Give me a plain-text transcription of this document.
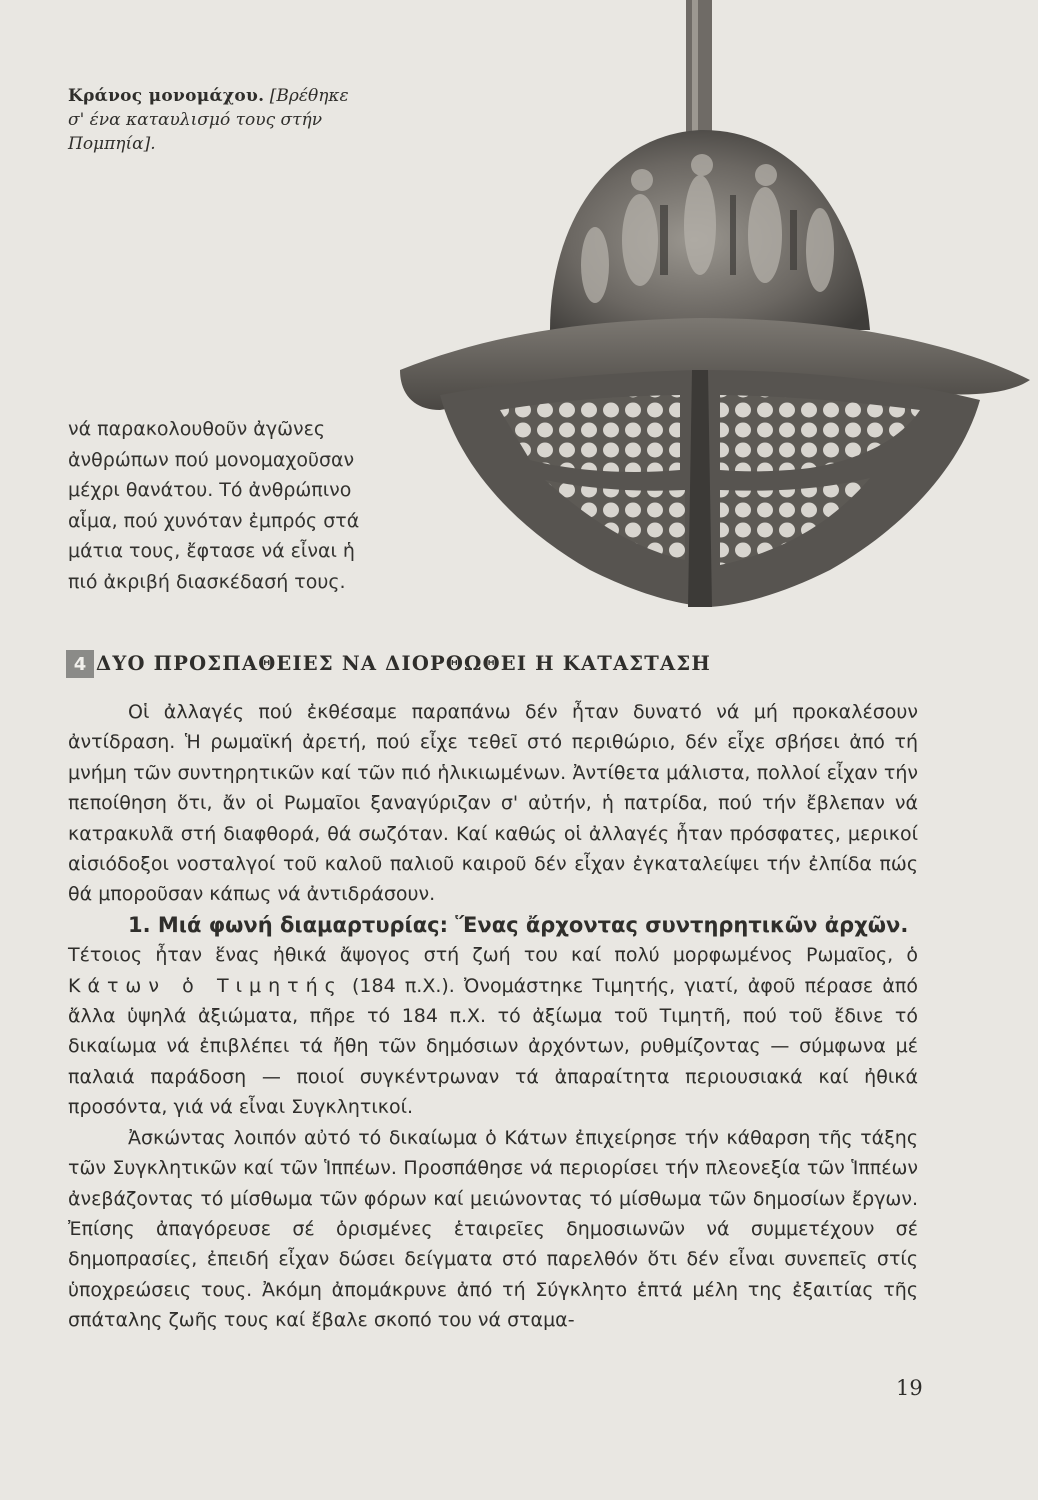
Κράνος μονομάχου. [Βρέθηκε σ' ένα καταυλισμό τους στήν Πομπηία].

νά παρακολουθοῦν ἀγῶνες ἀνθρώπων πού μονομαχοῦσαν μέχρι θανάτου. Τό ἀνθρώπινο αἷμα, πού χυνόταν ἐμπρός στά μάτια τους, ἔφτασε νά εἶναι ἡ πιό ἀκριβή διασκέδασή τους.

4 ΔΥΟ ΠΡΟΣΠΑΘΕΙΕΣ ΝΑ ΔΙΟΡΘΩΘΕΙ Η ΚΑΤΑΣΤΑΣΗ

Οἱ ἀλλαγές πού ἐκθέσαμε παραπάνω δέν ἦταν δυνατό νά μή προκαλέσουν ἀντίδραση. Ἡ ρωμαϊκή ἀρετή, πού εἶχε τεθεῖ στό περιθώριο, δέν εἶχε σβήσει ἀπό τή μνήμη τῶν συντηρητικῶν καί τῶν πιό ἡλικιωμένων. Ἀντίθετα μάλιστα, πολλοί εἶχαν τήν πεποίθηση ὅτι, ἄν οἱ Ρωμαῖοι ξαναγύριζαν σ' αὐτήν, ἡ πατρίδα, πού τήν ἔβλεπαν νά κατρακυλᾶ στή διαφθορά, θά σωζόταν. Καί καθώς οἱ ἀλλαγές ἦταν πρόσφατες, μερικοί αἰσιόδοξοι νοσταλγοί τοῦ καλοῦ παλιοῦ καιροῦ δέν εἶχαν ἐγκαταλείψει τήν ἐλπίδα πώς θά μποροῦσαν κάπως νά ἀντιδράσουν.

1. Μιά φωνή διαμαρτυρίας: Ἕνας ἄρχοντας συντηρητικῶν ἀρχῶν.

Τέτοιος ἦταν ἕνας ἠθικά ἄψογος στή ζωή του καί πολύ μορφωμένος Ρωμαῖος, ὁ Κάτων ὁ Τιμητής (184 π.Χ.). Ὀνομάστηκε Τιμητής, γιατί, ἀφοῦ πέρασε ἀπό ἄλλα ὑψηλά ἀξιώματα, πῆρε τό 184 π.Χ. τό ἀξίωμα τοῦ Τιμητῆ, πού τοῦ ἔδινε τό δικαίωμα νά ἐπιβλέπει τά ἤθη τῶν δημόσιων ἀρχόντων, ρυθμίζοντας — σύμφωνα μέ παλαιά παράδοση — ποιοί συγκέντρωναν τά ἀπαραίτητα περιουσιακά καί ἠθικά προσόντα, γιά νά εἶναι Συγκλητικοί.

Ἀσκώντας λοιπόν αὐτό τό δικαίωμα ὁ Κάτων ἐπιχείρησε τήν κάθαρση τῆς τάξης τῶν Συγκλητικῶν καί τῶν Ἱππέων. Προσπάθησε νά περιορίσει τήν πλεονεξία τῶν Ἱππέων ἀνεβάζοντας τό μίσθωμα τῶν φόρων καί μειώνοντας τό μίσθωμα τῶν δημοσίων ἔργων. Ἐπίσης ἀπαγόρευσε σέ ὁρισμένες ἑταιρεῖες δημοσιωνῶν νά συμμετέχουν σέ δημοπρασίες, ἐπειδή εἶχαν δώσει δείγματα στό παρελθόν ὅτι δέν εἶναι συνεπεῖς στίς ὑποχρεώσεις τους. Ἀκόμη ἀπομάκρυνε ἀπό τή Σύγκλητο ἑπτά μέλη της ἐξαιτίας τῆς σπάταλης ζωῆς τους καί ἔβαλε σκοπό του νά σταμα-

19
